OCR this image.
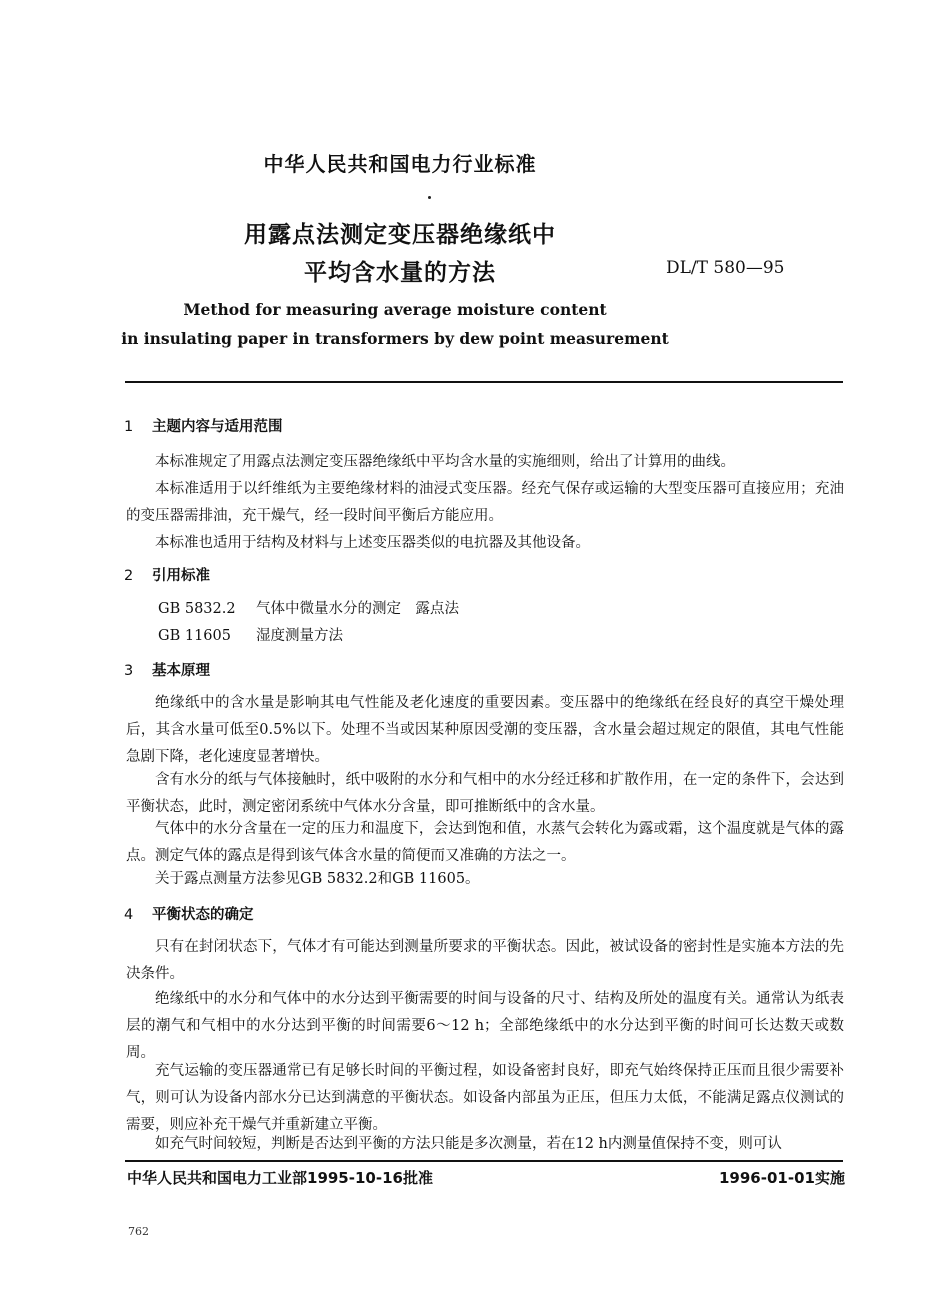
中华人民共和国电力行业标准
用露点法测定变压器绝缘纸中
平均含水量的方法	DL/T 580—95
Method for measuring average moisture content
in insulating paper in transformers by dew point measurement
1 主题内容与适用范围
本标准规定了用露点法测定变压器绝缘纸中平均含水量的实施细则，给出了计算用的曲线。
本标准适用于以纤维纸为主要绝缘材料的油浸式变压器。经充气保存或运输的大型变压器可直接应用；充油的变压器需排油，充干燥气，经一段时间平衡后方能应用。
本标准也适用于结构及材料与上述变压器类似的电抗器及其他设备。
2 引用标准
GB 5832.2 气体中微量水分的测定　露点法
GB 11605 湿度测量方法
3 基本原理
绝缘纸中的含水量是影响其电气性能及老化速度的重要因素。变压器中的绝缘纸在经良好的真空干燥处理后，其含水量可低至0.5%以下。处理不当或因某种原因受潮的变压器，含水量会超过规定的限值，其电气性能急剧下降，老化速度显著增快。
含有水分的纸与气体接触时，纸中吸附的水分和气相中的水分经迁移和扩散作用，在一定的条件下，会达到平衡状态，此时，测定密闭系统中气体水分含量，即可推断纸中的含水量。
气体中的水分含量在一定的压力和温度下，会达到饱和值，水蒸气会转化为露或霜，这个温度就是气体的露点。测定气体的露点是得到该气体含水量的简便而又准确的方法之一。
关于露点测量方法参见GB 5832.2和GB 11605。
4 平衡状态的确定
只有在封闭状态下，气体才有可能达到测量所要求的平衡状态。因此，被试设备的密封性是实施本方法的先决条件。
绝缘纸中的水分和气体中的水分达到平衡需要的时间与设备的尺寸、结构及所处的温度有关。通常认为纸表层的潮气和气相中的水分达到平衡的时间需要6～12 h；全部绝缘纸中的水分达到平衡的时间可长达数天或数周。
充气运输的变压器通常已有足够长时间的平衡过程，如设备密封良好，即充气始终保持正压而且很少需要补气，则可认为设备内部水分已达到满意的平衡状态。如设备内部虽为正压，但压力太低，不能满足露点仪测试的需要，则应补充干燥气并重新建立平衡。
如充气时间较短，判断是否达到平衡的方法只能是多次测量，若在12 h内测量值保持不变，则可认
中华人民共和国电力工业部1995-10-16批准	1996-01-01实施
762
